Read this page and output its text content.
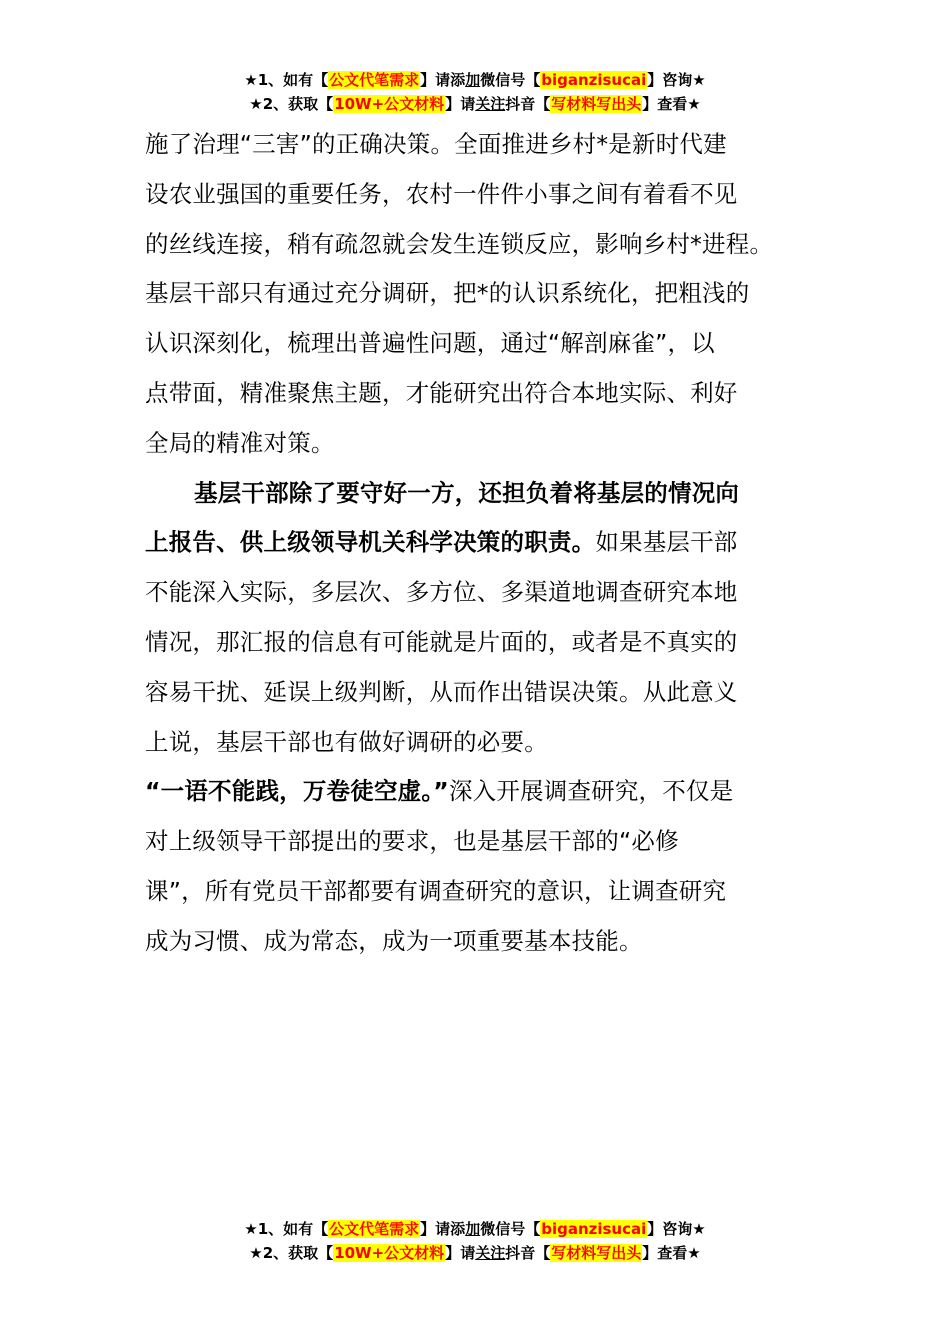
★1、如有【公文代笔需求】请添加微信号【biganzisucai】咨询★
★2、获取【10W+公文材料】请关注抖音【写材料写出头】查看★
施了治理“三害”的正确决策。全面推进乡村*是新时代建
设农业强国的重要任务，农村一件件小事之间有着看不见
的丝线连接，稍有疏忽就会发生连锁反应，影响乡村*进程。
基层干部只有通过充分调研，把*的认识系统化，把粗浅的
认识深刻化，梳理出普遍性问题，通过“解剖麻雀”，以
点带面，精准聚焦主题，才能研究出符合本地实际、利好
全局的精准对策。
基层干部除了要守好一方，还担负着将基层的情况向
上报告、供上级领导机关科学决策的职责。如果基层干部
不能深入实际，多层次、多方位、多渠道地调查研究本地
情况，那汇报的信息有可能就是片面的，或者是不真实的
容易干扰、延误上级判断，从而作出错误决策。从此意义
上说，基层干部也有做好调研的必要。
“一语不能践，万卷徒空虚。”深入开展调查研究，不仅是
对上级领导干部提出的要求，也是基层干部的“必修
课”，所有党员干部都要有调查研究的意识，让调查研究
成为习惯、成为常态，成为一项重要基本技能。
★1、如有【公文代笔需求】请添加微信号【biganzisucai】咨询★
★2、获取【10W+公文材料】请关注抖音【写材料写出头】查看★
